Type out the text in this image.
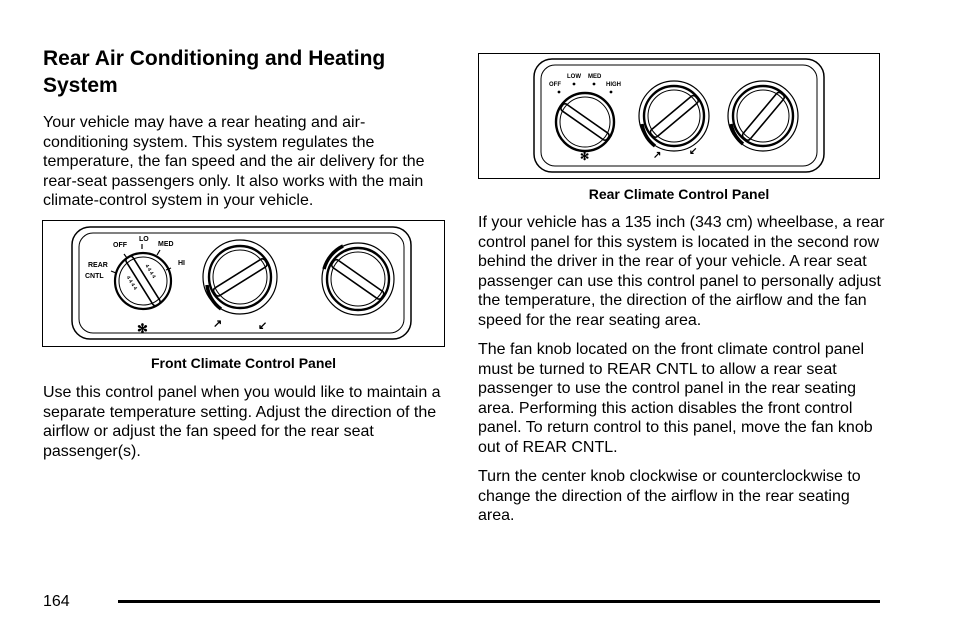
Rear Air Conditioning and Heating System

Your vehicle may have a rear heating and air-conditioning system. This system regulates the temperature, the fan speed and the air delivery for the rear-seat passengers only. It also works with the main climate-control system in your vehicle.

4 4 4 4
4 4 4 4
OFF
LO
MED
HI
REAR
CNTL
✻	↗	↙
Front Climate Control Panel

Use this control panel when you would like to maintain a separate temperature setting. Adjust the direction of the airflow or adjust the fan speed for the rear seat passenger(s).

OFF
LOW MED
HIGH
✻	↗	↙
Rear Climate Control Panel

If your vehicle has a 135 inch (343 cm) wheelbase, a rear control panel for this system is located in the second row behind the driver in the rear of your vehicle. A rear seat passenger can use this control panel to personally adjust the temperature, the direction of the airflow and the fan speed for the rear seating area.

The fan knob located on the front climate control panel must be turned to REAR CNTL to allow a rear seat passenger to use the control panel in the rear seating area. Performing this action disables the front control panel. To return control to this panel, move the fan knob out of REAR CNTL.

Turn the center knob clockwise or counterclockwise to change the direction of the airflow in the rear seating area.

164
